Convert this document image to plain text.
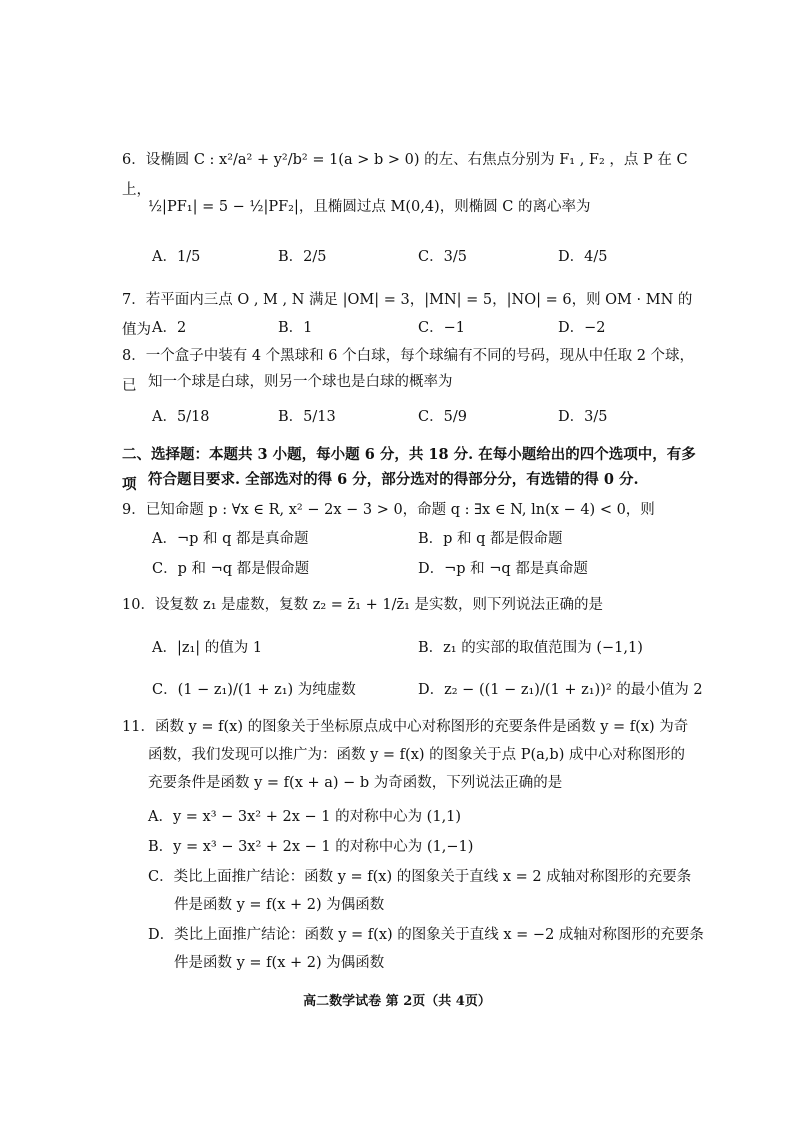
6．设椭圆 C : x²/a² + y²/b² = 1(a > b > 0) 的左、右焦点分别为 F₁ , F₂ ，点 P 在 C 上，
½|PF₁| = 5 − ½|PF₂|，且椭圆过点 M(0,4)，则椭圆 C 的离心率为
A．1/5	B．2/5	C．3/5	D．4/5
7．若平面内三点 O , M , N 满足 |OM| = 3，|MN| = 5，|NO| = 6，则 OM · MN 的值为 A．2	B．1	C．−1	D．−2
8．一个盒子中装有 4 个黑球和 6 个白球，每个球编有不同的号码，现从中任取 2 个球，已 知一个球是白球，则另一个球也是白球的概率为
A．5/18	B．5/13	C．5/9	D．3/5
二、选择题：本题共 3 小题，每小题 6 分，共 18 分. 在每小题给出的四个选项中，有多项 符合题目要求. 全部选对的得 6 分，部分选对的得部分分，有选错的得 0 分.
9．已知命题 p : ∀x ∈ R, x² − 2x − 3 > 0，命题 q : ∃x ∈ N, ln(x − 4) < 0，则
A．¬p 和 q 都是真命题	B．p 和 q 都是假命题
C．p 和 ¬q 都是假命题	D．¬p 和 ¬q 都是真命题
10．设复数 z₁ 是虚数，复数 z₂ = z̄₁ + 1/z̄₁ 是实数，则下列说法正确的是
A．|z₁| 的值为 1	B．z₁ 的实部的取值范围为 (−1,1)
C．(1 − z₁)/(1 + z₁) 为纯虚数	D．z₂ − ((1 − z₁)/(1 + z₁))² 的最小值为 2
11．函数 y = f(x) 的图象关于坐标原点成中心对称图形的充要条件是函数 y = f(x) 为奇
函数，我们发现可以推广为：函数 y = f(x) 的图象关于点 P(a,b) 成中心对称图形的
充要条件是函数 y = f(x + a) − b 为奇函数，下列说法正确的是
A．y = x³ − 3x² + 2x − 1 的对称中心为 (1,1)
B．y = x³ − 3x² + 2x − 1 的对称中心为 (1,−1)
C．类比上面推广结论：函数 y = f(x) 的图象关于直线 x = 2 成轴对称图形的充要条
件是函数 y = f(x + 2) 为偶函数
D．类比上面推广结论：函数 y = f(x) 的图象关于直线 x = −2 成轴对称图形的充要条
件是函数 y = f(x + 2) 为偶函数
高二数学试卷 第 2页（共 4页）
